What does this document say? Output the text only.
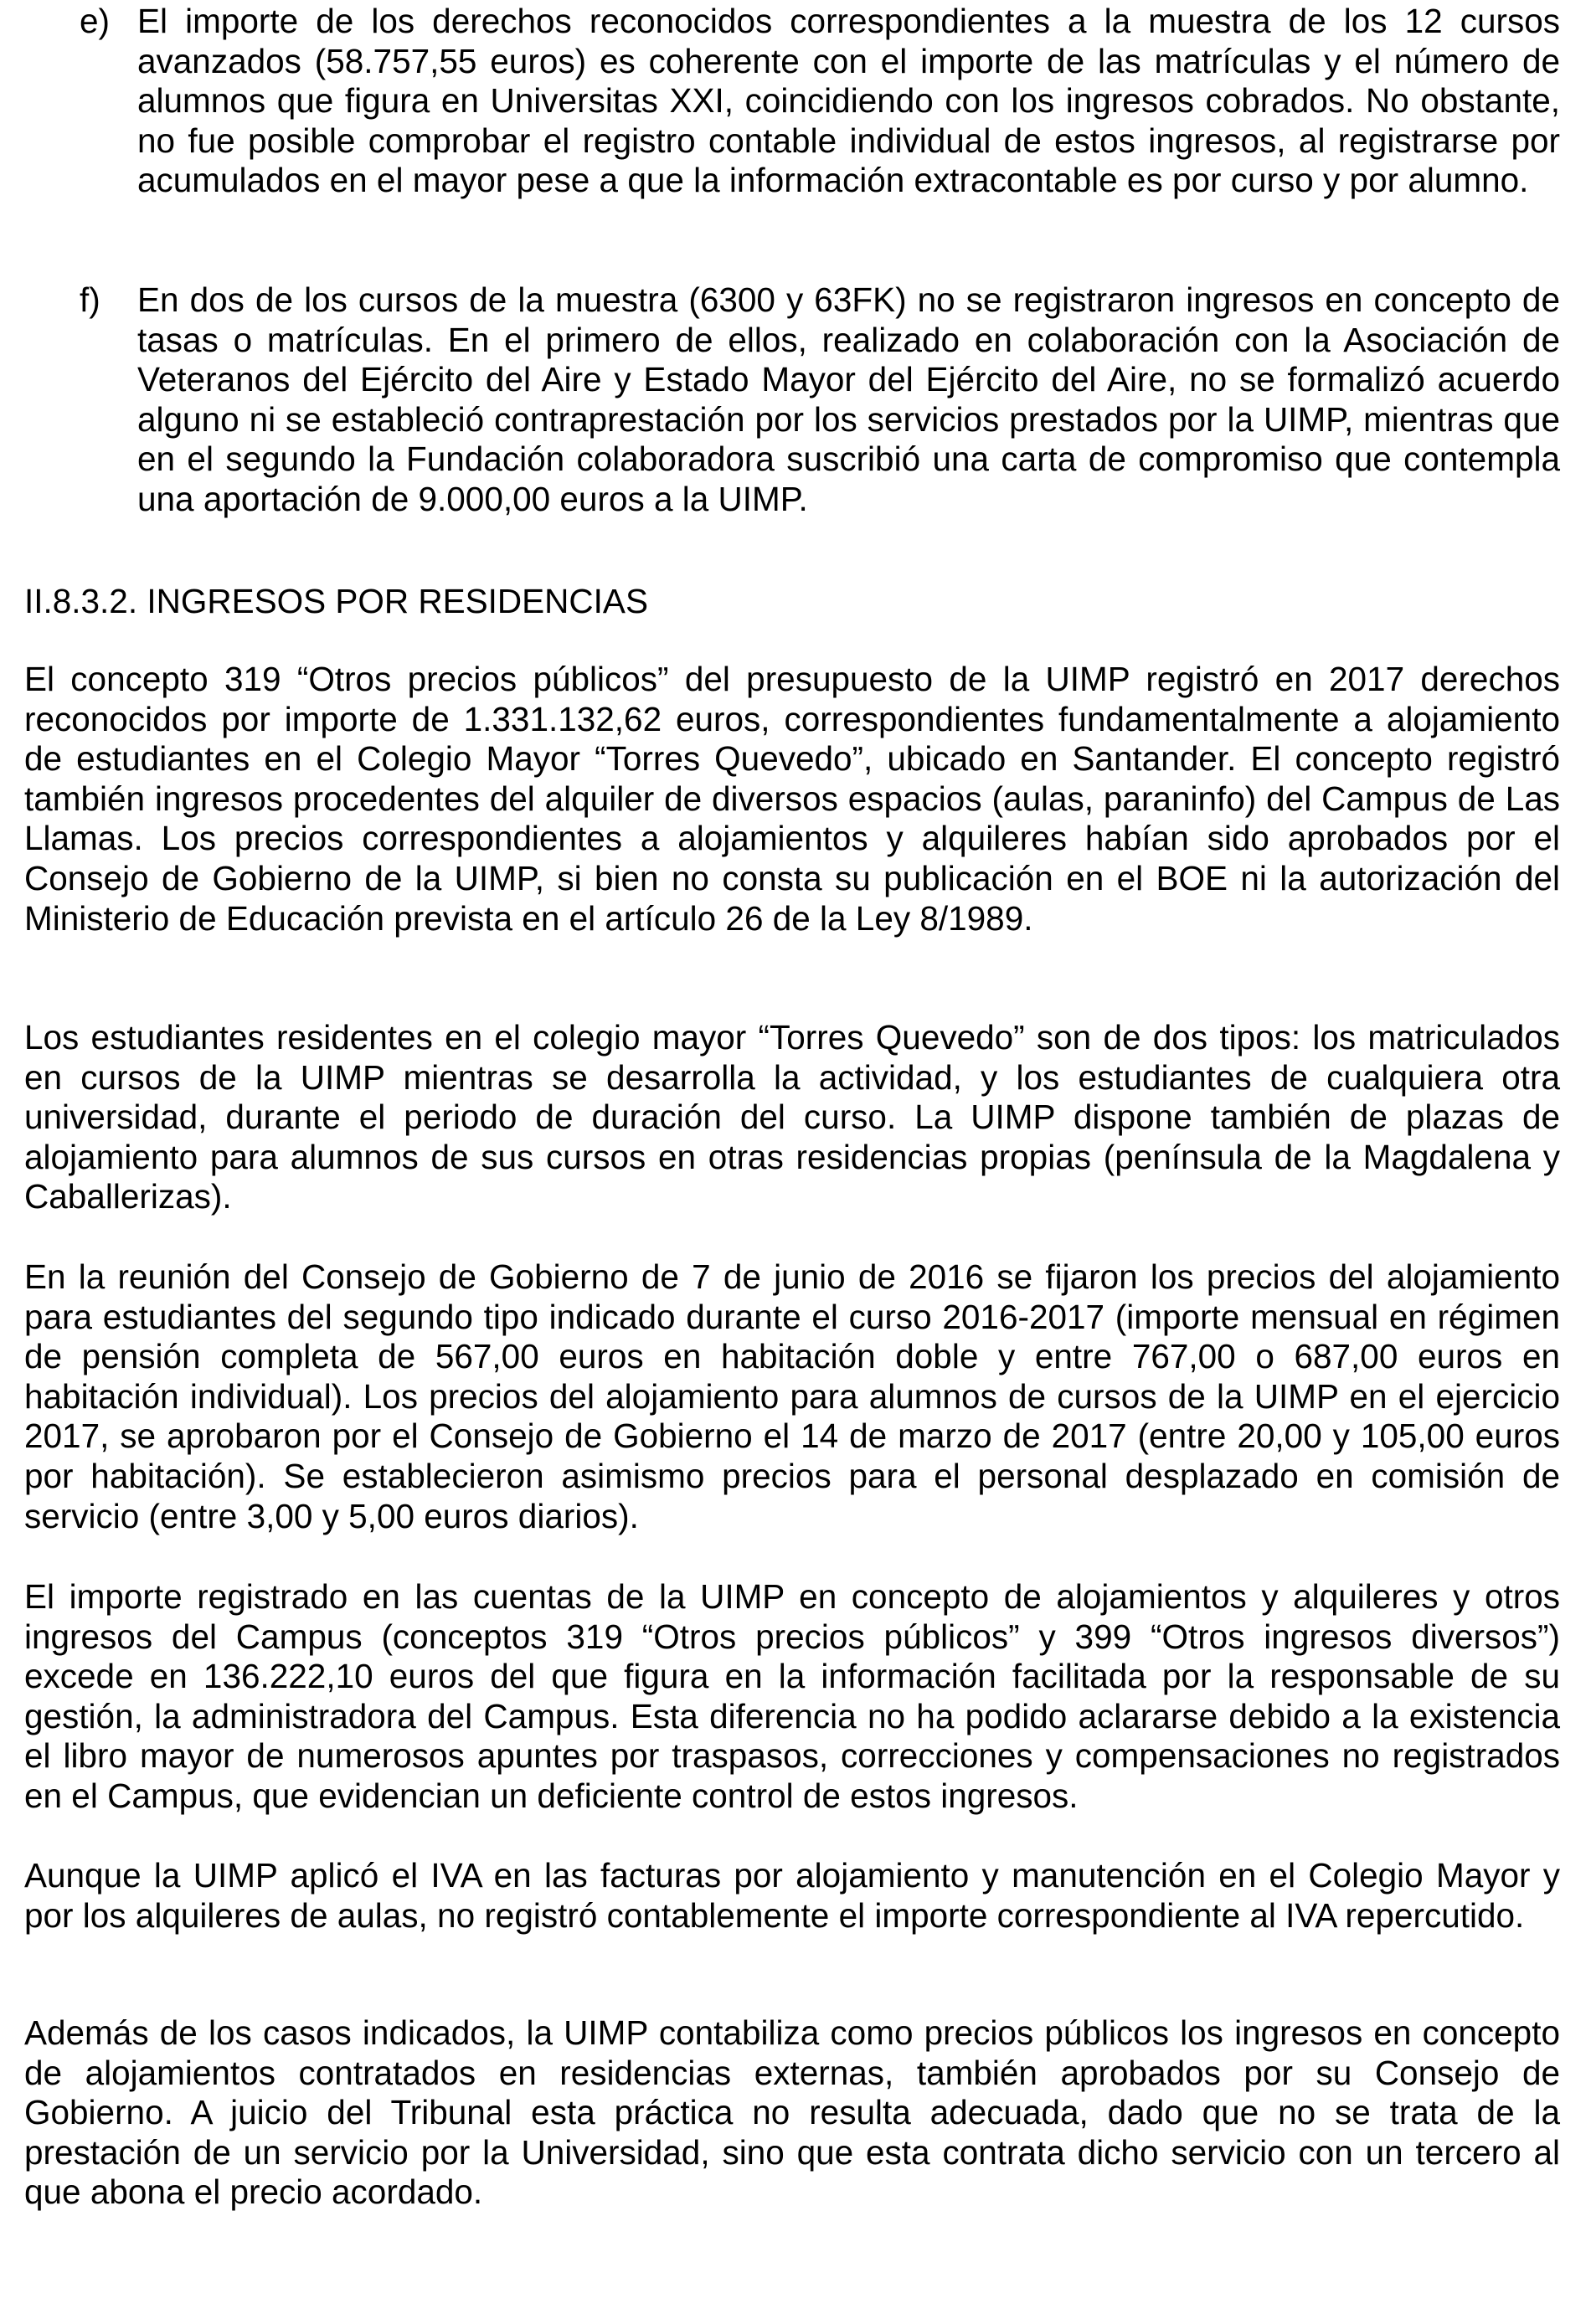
e) El importe de los derechos reconocidos correspondientes a la muestra de los 12 cursos avanzados (58.757,55 euros) es coherente con el importe de las matrículas y el número de alumnos que figura en Universitas XXI, coincidiendo con los ingresos cobrados. No obstante, no fue posible comprobar el registro contable individual de estos ingresos, al registrarse por acumulados en el mayor pese a que la información extracontable es por curso y por alumno.

f) En dos de los cursos de la muestra (6300 y 63FK) no se registraron ingresos en concepto de tasas o matrículas. En el primero de ellos, realizado en colaboración con la Asociación de Veteranos del Ejército del Aire y Estado Mayor del Ejército del Aire, no se formalizó acuerdo alguno ni se estableció contraprestación por los servicios prestados por la UIMP, mientras que en el segundo la Fundación colaboradora suscribió una carta de compromiso que contempla una aportación de 9.000,00 euros a la UIMP.

II.8.3.2. INGRESOS POR RESIDENCIAS

El concepto 319 “Otros precios públicos” del presupuesto de la UIMP registró en 2017 derechos reconocidos por importe de 1.331.132,62 euros, correspondientes fundamentalmente a alojamiento de estudiantes en el Colegio Mayor “Torres Quevedo”, ubicado en Santander. El concepto registró también ingresos procedentes del alquiler de diversos espacios (aulas, paraninfo) del Campus de Las Llamas. Los precios correspondientes a alojamientos y alquileres habían sido aprobados por el Consejo de Gobierno de la UIMP, si bien no consta su publicación en el BOE ni la autorización del Ministerio de Educación prevista en el artículo 26 de la Ley 8/1989.

Los estudiantes residentes en el colegio mayor “Torres Quevedo” son de dos tipos: los matriculados en cursos de la UIMP mientras se desarrolla la actividad, y los estudiantes de cualquiera otra universidad, durante el periodo de duración del curso. La UIMP dispone también de plazas de alojamiento para alumnos de sus cursos en otras residencias propias (península de la Magdalena y Caballerizas).

En la reunión del Consejo de Gobierno de 7 de junio de 2016 se fijaron los precios del alojamiento para estudiantes del segundo tipo indicado durante el curso 2016-2017 (importe mensual en régimen de pensión completa de 567,00 euros en habitación doble y entre 767,00 o 687,00 euros en habitación individual). Los precios del alojamiento para alumnos de cursos de la UIMP en el ejercicio 2017, se aprobaron por el Consejo de Gobierno el 14 de marzo de 2017 (entre 20,00 y 105,00 euros por habitación). Se establecieron asimismo precios para el personal desplazado en comisión de servicio (entre 3,00 y 5,00 euros diarios).

El importe registrado en las cuentas de la UIMP en concepto de alojamientos y alquileres y otros ingresos del Campus (conceptos 319 “Otros precios públicos” y 399 “Otros ingresos diversos”) excede en 136.222,10 euros del que figura en la información facilitada por la responsable de su gestión, la administradora del Campus. Esta diferencia no ha podido aclararse debido a la existencia el libro mayor de numerosos apuntes por traspasos, correcciones y compensaciones no registrados en el Campus, que evidencian un deficiente control de estos ingresos.

Aunque la UIMP aplicó el IVA en las facturas por alojamiento y manutención en el Colegio Mayor y por los alquileres de aulas, no registró contablemente el importe correspondiente al IVA repercutido.

Además de los casos indicados, la UIMP contabiliza como precios públicos los ingresos en concepto de alojamientos contratados en residencias externas, también aprobados por su Consejo de Gobierno. A juicio del Tribunal esta práctica no resulta adecuada, dado que no se trata de la prestación de un servicio por la Universidad, sino que esta contrata dicho servicio con un tercero al que abona el precio acordado.
